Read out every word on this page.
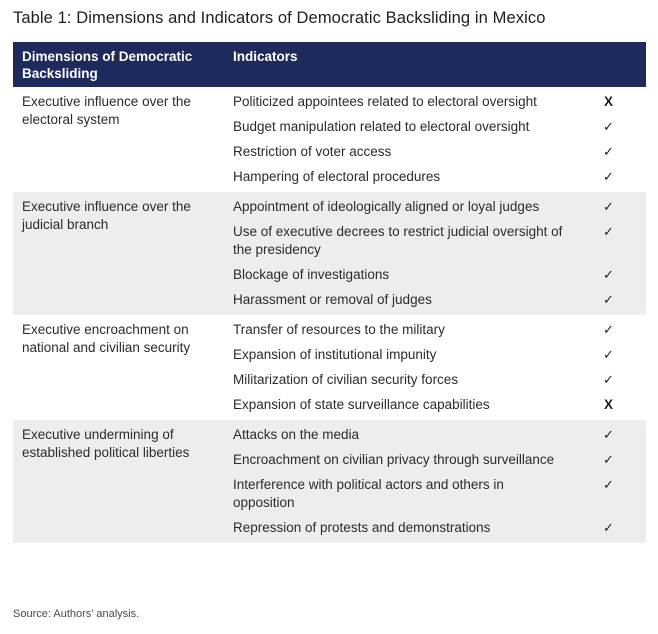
Table 1: Dimensions and Indicators of Democratic Backsliding in Mexico
Dimensions of Democratic Backsliding	Indicators	
Executive influence over the electoral system	Politicized appointees related to electoral oversight	X
	Budget manipulation related to electoral oversight	✓
	Restriction of voter access	✓
	Hampering of electoral procedures	✓
Executive influence over the judicial branch	Appointment of ideologically aligned or loyal judges	✓
	Use of executive decrees to restrict judicial oversight of the presidency	✓
	Blockage of investigations	✓
	Harassment or removal of judges	✓
Executive encroachment on national and civilian security	Transfer of resources to the military	✓
	Expansion of institutional impunity	✓
	Militarization of civilian security forces	✓
	Expansion of state surveillance capabilities	X
Executive undermining of established political liberties	Attacks on the media	✓
	Encroachment on civilian privacy through surveillance	✓
	Interference with political actors and others in opposition	✓
	Repression of protests and demonstrations	✓
Source: Authors’ analysis.
